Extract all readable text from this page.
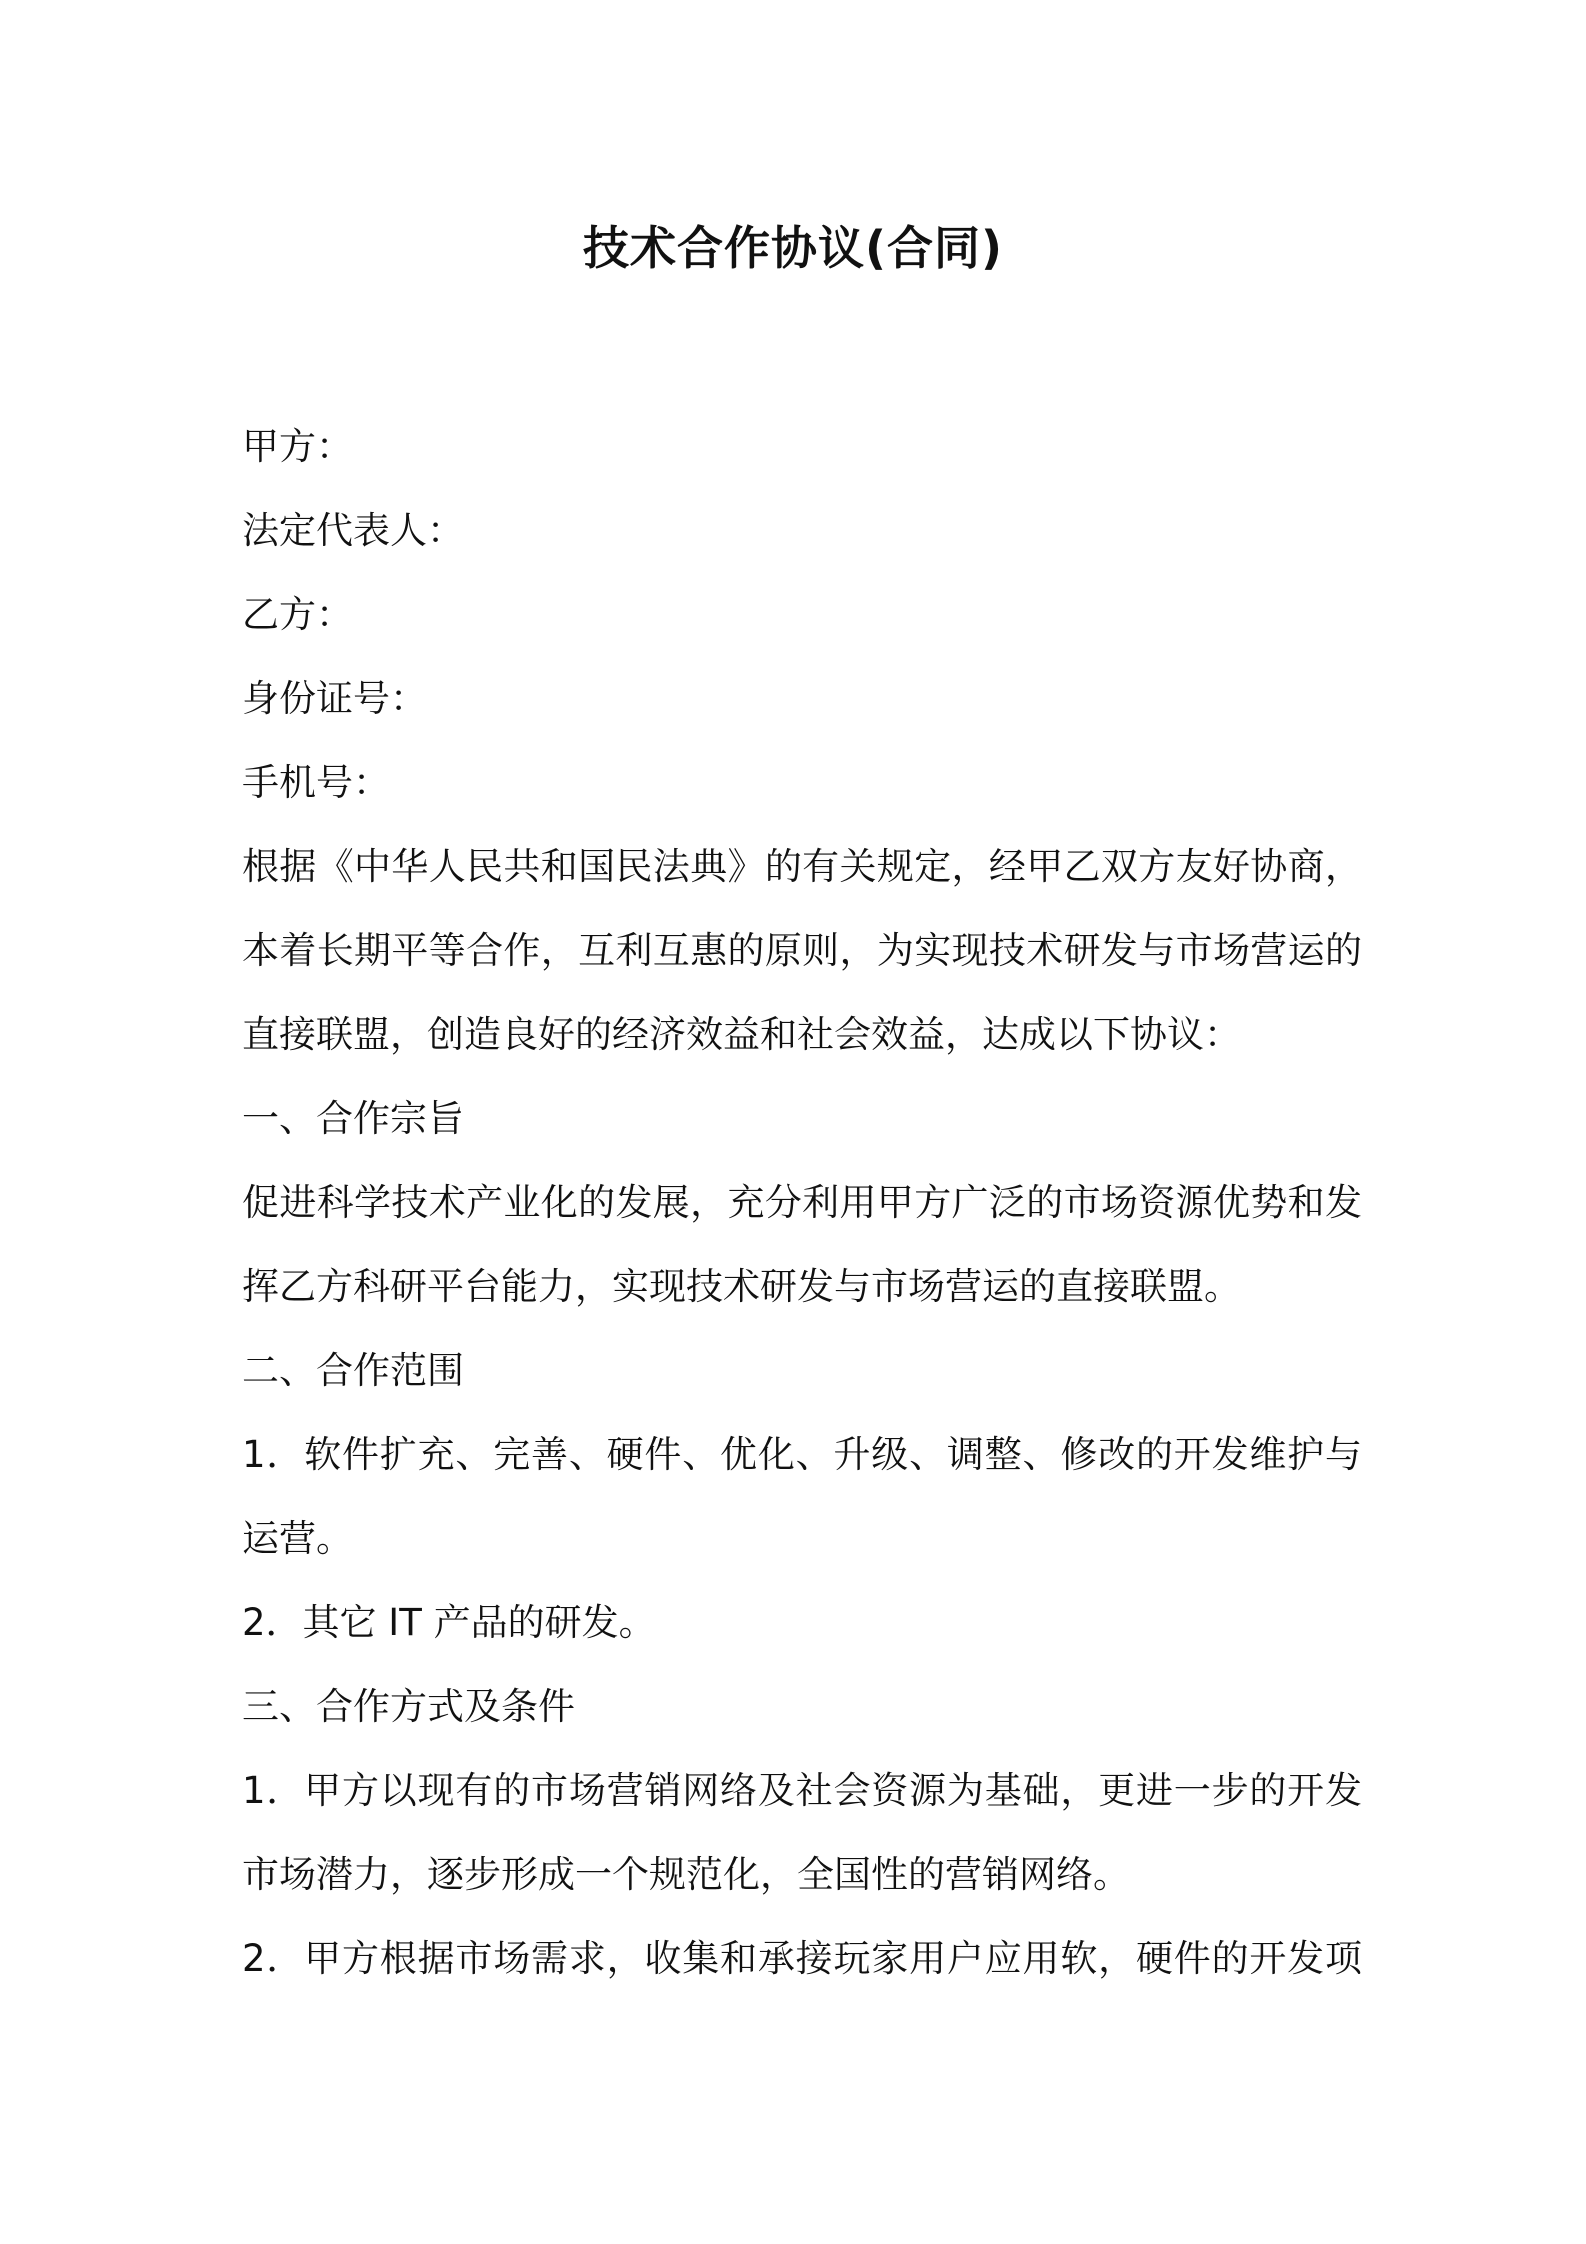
技术合作协议(合同)
甲方：
法定代表人：
乙方：
身份证号：
手机号：
根据《中华人民共和国民法典》的有关规定，经甲乙双方友好协商，
本着长期平等合作，互利互惠的原则，为实现技术研发与市场营运的
直接联盟，创造良好的经济效益和社会效益，达成以下协议：
一、合作宗旨
促进科学技术产业化的发展，充分利用甲方广泛的市场资源优势和发
挥乙方科研平台能力，实现技术研发与市场营运的直接联盟。
二、合作范围
1．软件扩充、完善、硬件、优化、升级、调整、修改的开发维护与
运营。
2．其它 IT 产品的研发。
三、合作方式及条件
1．甲方以现有的市场营销网络及社会资源为基础，更进一步的开发
市场潜力，逐步形成一个规范化，全国性的营销网络。
2．甲方根据市场需求，收集和承接玩家用户应用软，硬件的开发项
